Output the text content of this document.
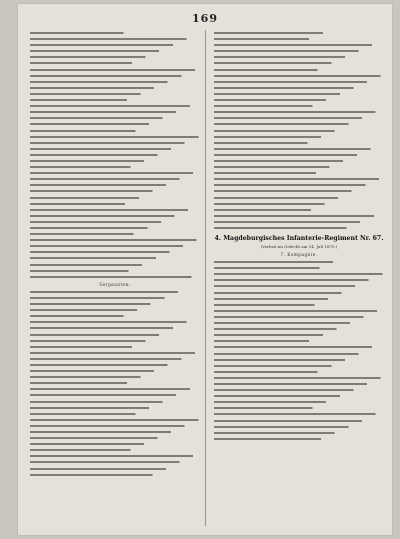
169
Sergeanten:
4. Magdeburgisches Infanterie-Regiment Nr. 67.
(Verlust im Gefecht am 14. Juli 1870.)
7. Kompagnie.
